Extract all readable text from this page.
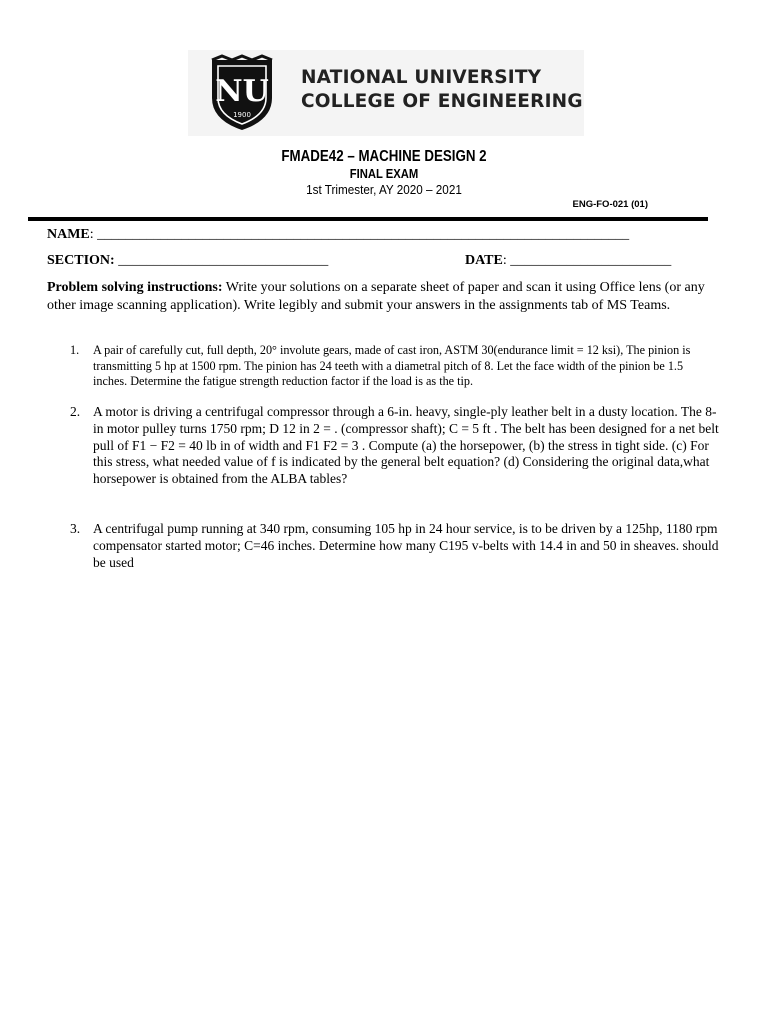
NU
1900
NATIONAL UNIVERSITY
COLLEGE OF ENGINEERING
FMADE42 – MACHINE DESIGN 2
FINAL EXAM
1st Trimester, AY 2020 – 2021
ENG-FO-021 (01)
NAME: ____________________________________________________________________________
SECTION: ______________________________	DATE: _______________________
Problem solving instructions: Write your solutions on a separate sheet of paper and scan it using Office lens (or any other image scanning application). Write legibly and submit your answers in the assignments tab of MS Teams.
1. A pair of carefully cut, full depth, 20° involute gears, made of cast iron, ASTM 30(endurance limit = 12 ksi), The pinion is transmitting 5 hp at 1500 rpm. The pinion has 24 teeth with a diametral pitch of 8. Let the face width of the pinion be 1.5 inches. Determine the fatigue strength reduction factor if the load is as the tip.
2. A motor is driving a centrifugal compressor through a 6-in. heavy, single-ply leather belt in a dusty location. The 8-in motor pulley turns 1750 rpm; D 12 in 2 = . (compressor shaft); C = 5 ft . The belt has been designed for a net belt pull of F1 − F2 = 40 lb in of width and F1 F2 = 3 . Compute (a) the horsepower, (b) the stress in tight side. (c) For this stress, what needed value of f is indicated by the general belt equation? (d) Considering the original data,what horsepower is obtained from the ALBA tables?
3. A centrifugal pump running at 340 rpm, consuming 105 hp in 24 hour service, is to be driven by a 125hp, 1180 rpm compensator started motor; C=46 inches. Determine how many C195 v-belts with 14.4 in and 50 in sheaves. should be used
